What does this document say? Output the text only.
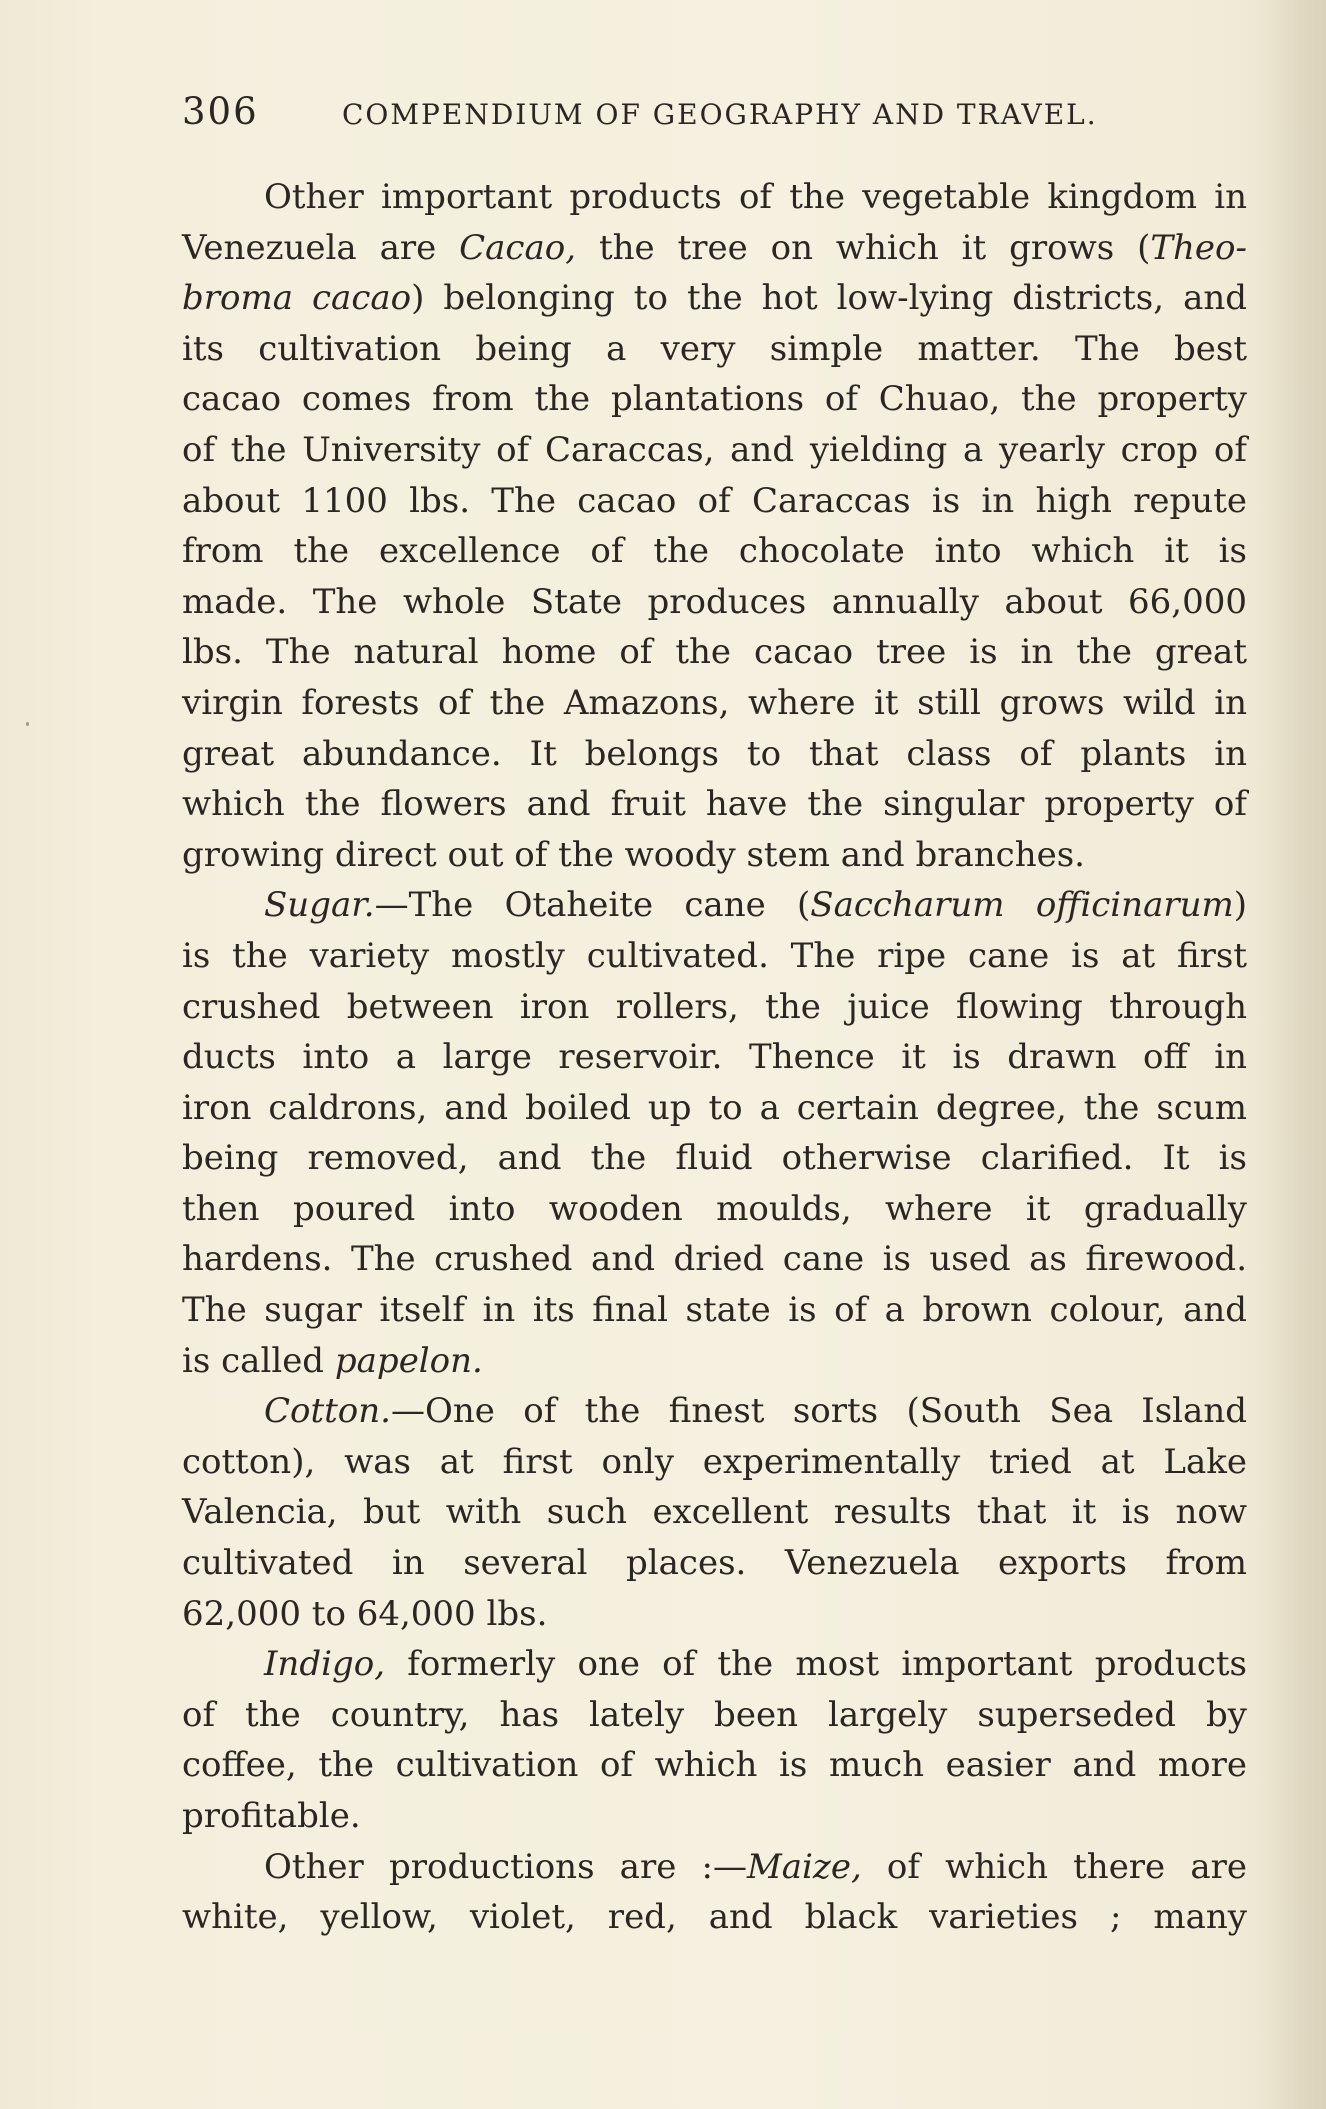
306	COMPENDIUM OF GEOGRAPHY AND TRAVEL.
Other important products of the vegetable kingdom in
Venezuela are Cacao, the tree on which it grows (Theo-
broma cacao) belonging to the hot low-lying districts, and
its cultivation being a very simple matter. The best
cacao comes from the plantations of Chuao, the property
of the University of Caraccas, and yielding a yearly crop of
about 1100 lbs. The cacao of Caraccas is in high repute
from the excellence of the chocolate into which it is
made. The whole State produces annually about 66,000
lbs. The natural home of the cacao tree is in the great
virgin forests of the Amazons, where it still grows wild in
great abundance. It belongs to that class of plants in
which the flowers and fruit have the singular property of
growing direct out of the woody stem and branches.
Sugar.—The Otaheite cane (Saccharum officinarum)
is the variety mostly cultivated. The ripe cane is at first
crushed between iron rollers, the juice flowing through
ducts into a large reservoir. Thence it is drawn off in
iron caldrons, and boiled up to a certain degree, the scum
being removed, and the fluid otherwise clarified. It is
then poured into wooden moulds, where it gradually
hardens. The crushed and dried cane is used as firewood.
The sugar itself in its final state is of a brown colour, and
is called papelon.
Cotton.—One of the finest sorts (South Sea Island
cotton), was at first only experimentally tried at Lake
Valencia, but with such excellent results that it is now
cultivated in several places. Venezuela exports from
62,000 to 64,000 lbs.
Indigo, formerly one of the most important products
of the country, has lately been largely superseded by
coffee, the cultivation of which is much easier and more
profitable.
Other productions are :—Maize, of which there are
white, yellow, violet, red, and black varieties ; many
